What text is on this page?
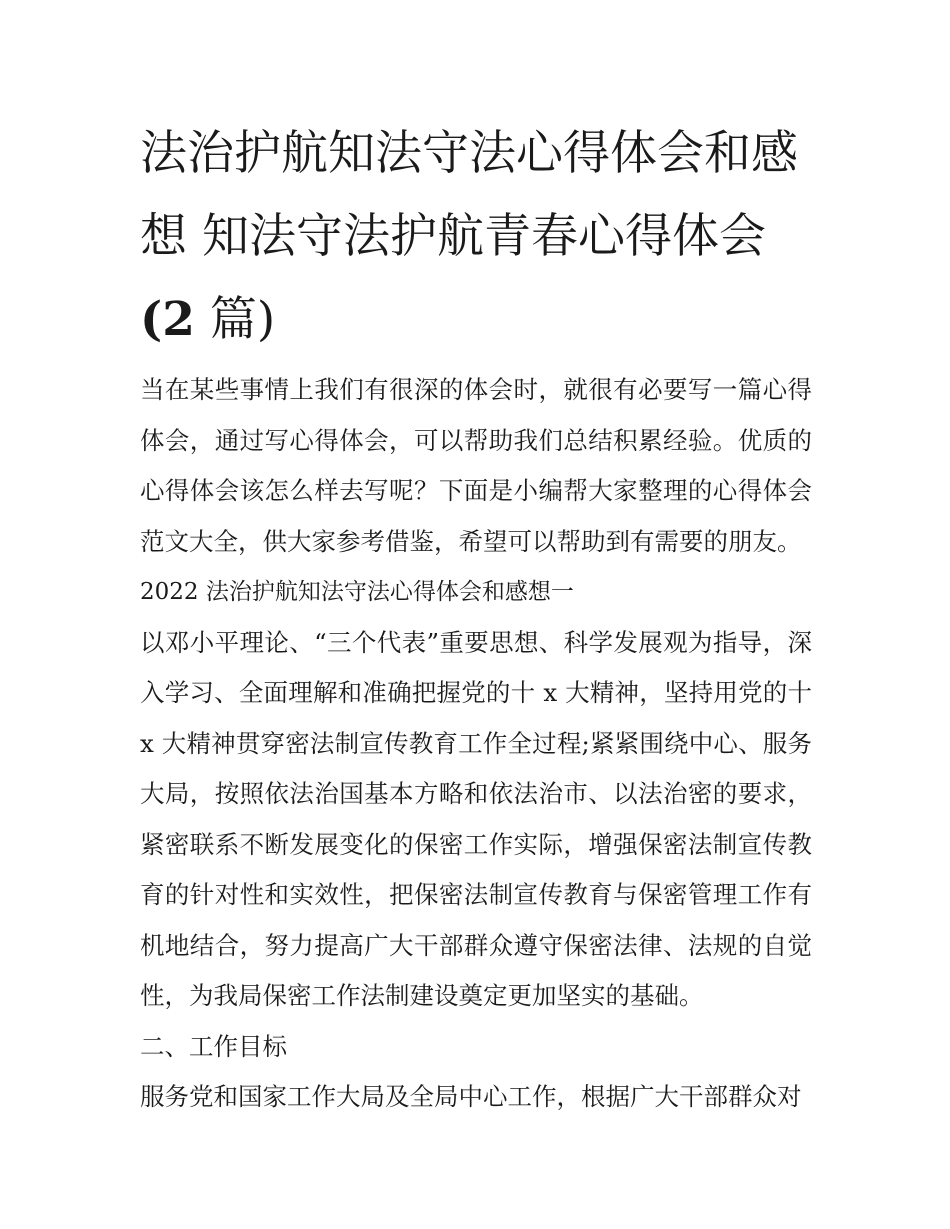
法治护航知法守法心得体会和感想 知法守法护航青春心得体会(2 篇)

当在某些事情上我们有很深的体会时，就很有必要写一篇心得体会，通过写心得体会，可以帮助我们总结积累经验。优质的心得体会该怎么样去写呢？下面是小编帮大家整理的心得体会范文大全，供大家参考借鉴，希望可以帮助到有需要的朋友。

2022 法治护航知法守法心得体会和感想一

以邓小平理论、“三个代表”重要思想、科学发展观为指导，深入学习、全面理解和准确把握党的十 x 大精神，坚持用党的十 x 大精神贯穿密法制宣传教育工作全过程;紧紧围绕中心、服务大局，按照依法治国基本方略和依法治市、以法治密的要求，紧密联系不断发展变化的保密工作实际，增强保密法制宣传教育的针对性和实效性，把保密法制宣传教育与保密管理工作有机地结合，努力提高广大干部群众遵守保密法律、法规的自觉性，为我局保密工作法制建设奠定更加坚实的基础。

二、工作目标

服务党和国家工作大局及全局中心工作，根据广大干部群众对
